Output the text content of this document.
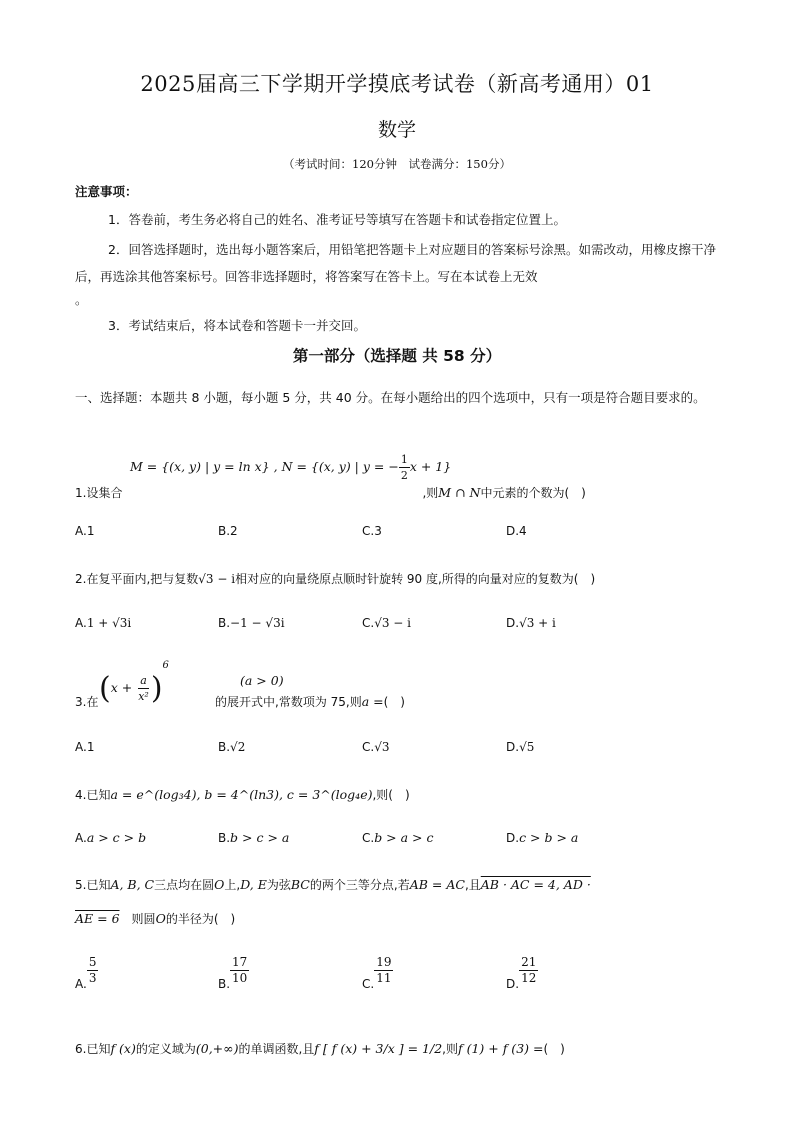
2025届高三下学期开学摸底考试卷（新高考通用）01
数学
（考试时间：120分钟　试卷满分：150分）
注意事项：
1．答卷前，考生务必将自己的姓名、准考证号等填写在答题卡和试卷指定位置上。
2．回答选择题时，选出每小题答案后，用铅笔把答题卡上对应题目的答案标号涂黑。如需改动，用橡皮擦干净后，再选涂其他答案标号。回答非选择题时，将答案写在答卡上。写在本试卷上无效
。
3．考试结束后，将本试卷和答题卡一并交回。
第一部分（选择题 共 58 分）
一、选择题：本题共 8 小题，每小题 5 分，共 40 分。在每小题给出的四个选项中，只有一项是符合题目要求的。
M = {(x, y) | y = ln x} , N = {(x, y) | y = − $\frac{1}{2}$ x + 1}
1.设集合	,则M ∩ N中元素的个数为(　)
A.1	B.2	C.3	D.4
2.在复平面内,把与复数√3 − i相对应的向量绕原点顺时针旋转 90 度,所得的向量对应的复数为(　)
A.1 + √3i	B.−1 − √3i	C.√3 − i	D.√3 + i
$(x + \frac{a}{\text{x²}} )^6$
(a > 0)
3.在	的展开式中,常数项为 75,则a =(　)
A.1	B.√2	C.√3	D.√5
4.已知a = e^(log₃4), b = 4^(ln3), c = 3^(log₄e),则(　)
A.a > c > b	B.b > c > a	C.b > a > c	D.c > b > a
5.已知A, B, C三点均在圆O上,D, E为弦BC的两个三等分点,若AB = AC,且AB · AC = 4, AD ·
AE = 6　 则圆O的半径为(　)
A. $\frac{5}{3}$	B. $\frac{17}{10}$	C. $\frac{19}{11}$	D. $\frac{21}{12}$
6.已知f (x)的定义域为(0,+∞)的单调函数,且f [ f (x) + 3/x ] = 1/2,则f (1) + f (3) =(　)
